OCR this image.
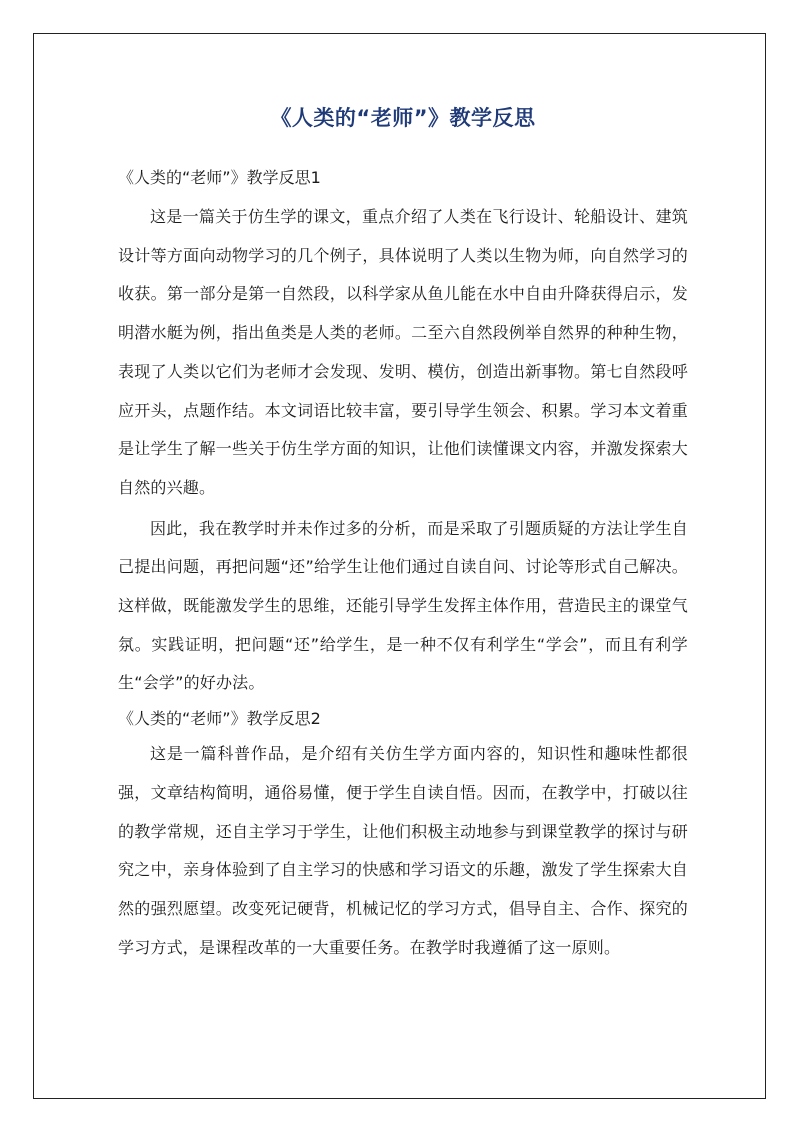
《人类的“老师”》教学反思

《人类的“老师”》教学反思1

这是一篇关于仿生学的课文，重点介绍了人类在飞行设计、轮船设计、建筑设计等方面向动物学习的几个例子，具体说明了人类以生物为师，向自然学习的收获。第一部分是第一自然段，以科学家从鱼儿能在水中自由升降获得启示，发明潜水艇为例，指出鱼类是人类的老师。二至六自然段例举自然界的种种生物，表现了人类以它们为老师才会发现、发明、模仿，创造出新事物。第七自然段呼应开头，点题作结。本文词语比较丰富，要引导学生领会、积累。学习本文着重是让学生了解一些关于仿生学方面的知识，让他们读懂课文内容，并激发探索大自然的兴趣。

因此，我在教学时并未作过多的分析，而是采取了引题质疑的方法让学生自己提出问题，再把问题“还”给学生让他们通过自读自问、讨论等形式自己解决。这样做，既能激发学生的思维，还能引导学生发挥主体作用，营造民主的课堂气氛。实践证明，把问题“还”给学生，是一种不仅有利学生“学会”，而且有利学生“会学”的好办法。

《人类的“老师”》教学反思2

这是一篇科普作品，是介绍有关仿生学方面内容的，知识性和趣味性都很强，文章结构简明，通俗易懂，便于学生自读自悟。因而，在教学中，打破以往的教学常规，还自主学习于学生，让他们积极主动地参与到课堂教学的探讨与研究之中，亲身体验到了自主学习的快感和学习语文的乐趣，激发了学生探索大自然的强烈愿望。改变死记硬背，机械记忆的学习方式，倡导自主、合作、探究的学习方式，是课程改革的一大重要任务。在教学时我遵循了这一原则。
